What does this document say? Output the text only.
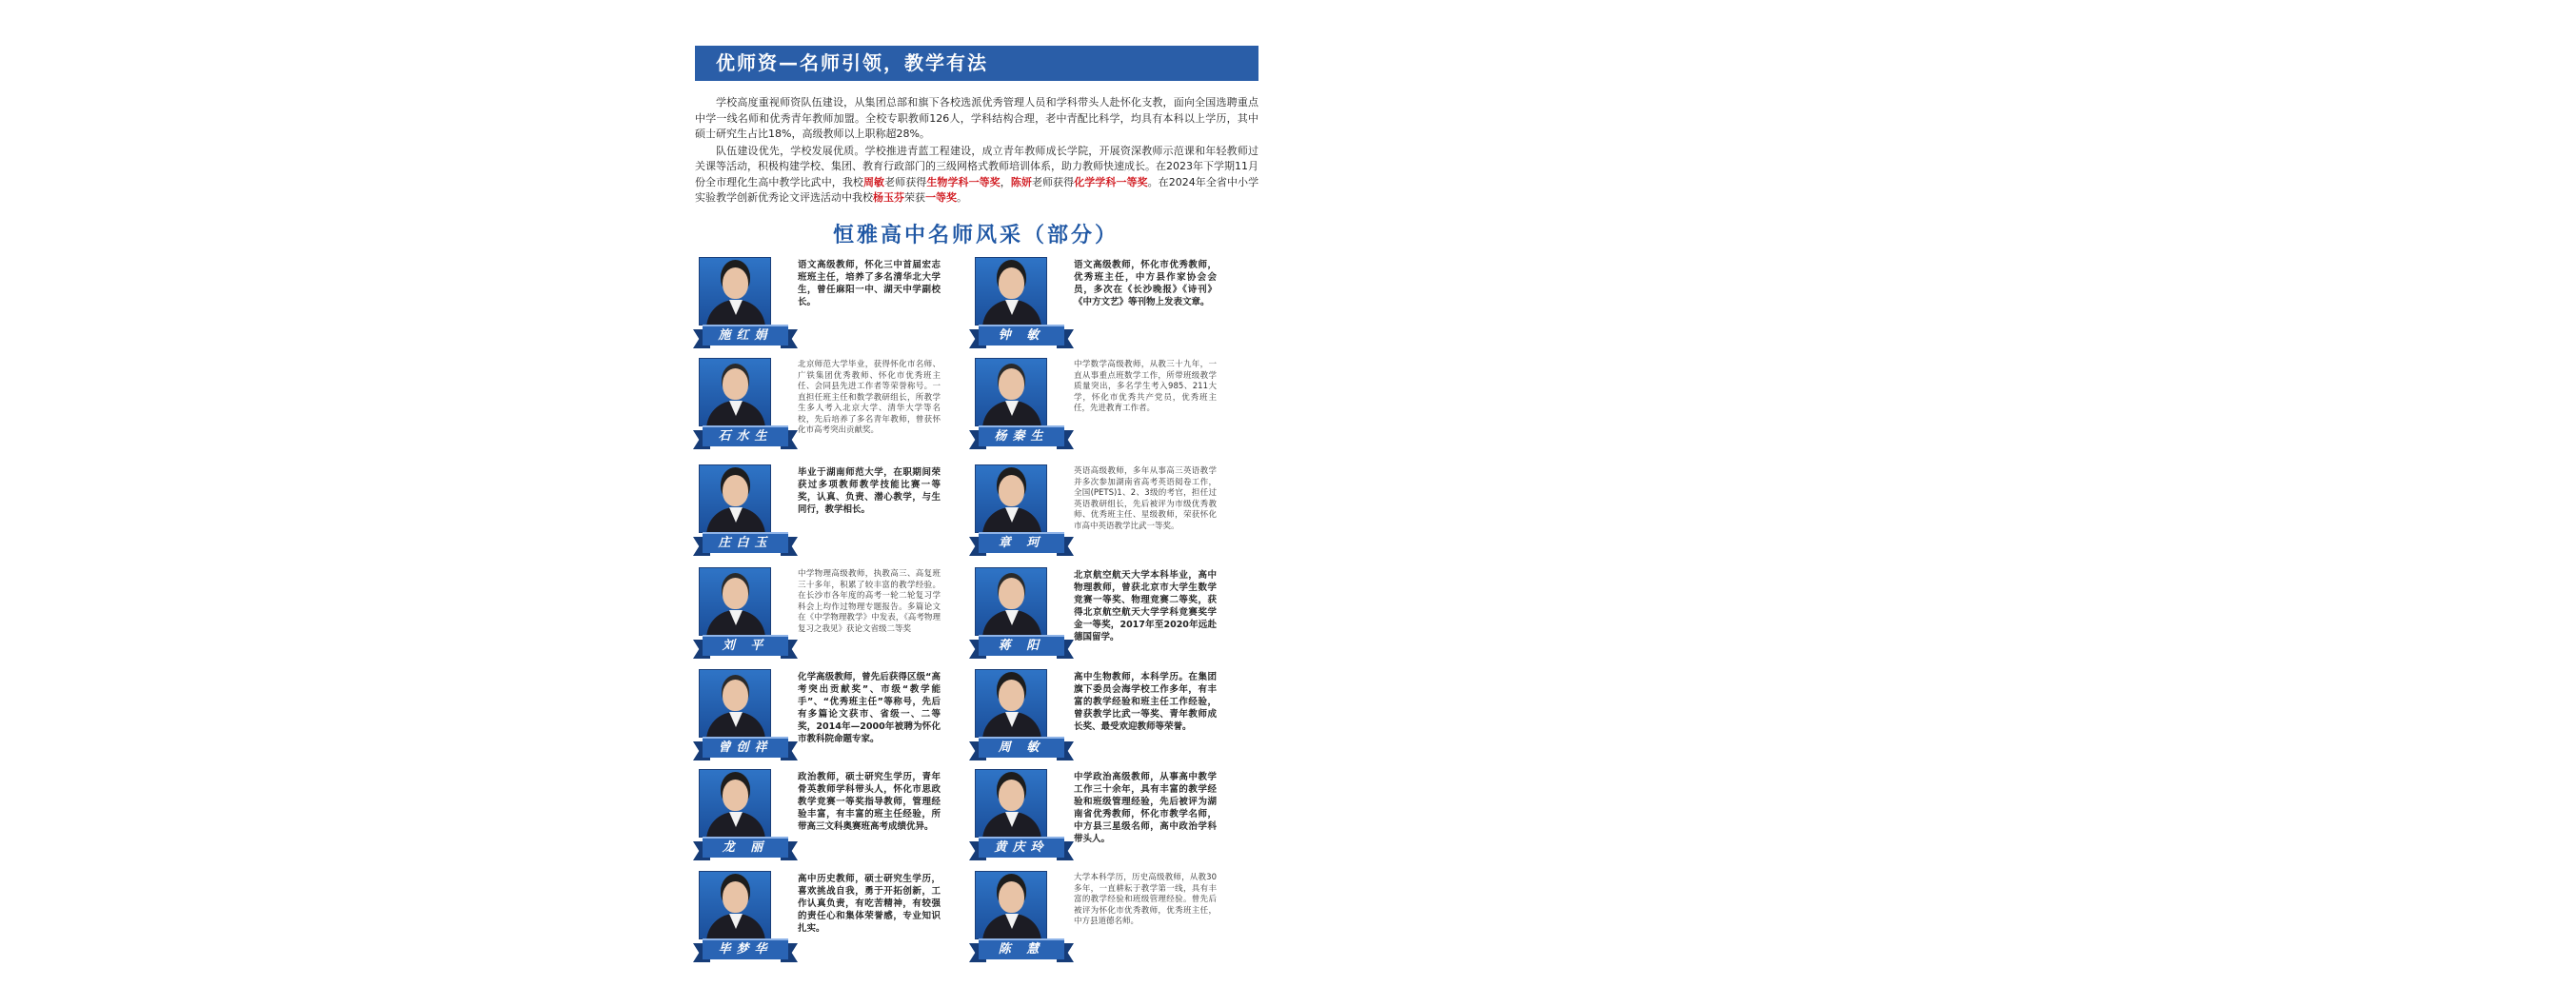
优师资—名师引领，教学有法

学校高度重视师资队伍建设，从集团总部和旗下各校选派优秀管理人员和学科带头人赴怀化支教，面向全国选聘重点中学一线名师和优秀青年教师加盟。全校专职教师126人，学科结构合理，老中青配比科学，均具有本科以上学历，其中硕士研究生占比18%，高级教师以上职称超28%。

队伍建设优先，学校发展优质。学校推进青蓝工程建设，成立青年教师成长学院，开展资深教师示范课和年轻教师过关课等活动，积极构建学校、集团、教育行政部门的三级网格式教师培训体系，助力教师快速成长。在2023年下学期11月份全市理化生高中教学比武中，我校周敏老师获得生物学科一等奖，陈妍老师获得化学学科一等奖。在2024年全省中小学实验教学创新优秀论文评选活动中我校杨玉芬荣获一等奖。

恒雅高中名师风采（部分）
施红娟
语文高级教师，怀化三中首届宏志班班主任，培养了多名清华北大学生，曾任麻阳一中、湖天中学副校长。
钟 敏
语文高级教师，怀化市优秀教师，优秀班主任，中方县作家协会会员，多次在《长沙晚报》《诗刊》《中方文艺》等刊物上发表文章。
石水生
北京师范大学毕业，获得怀化市名师、广铁集团优秀教师、怀化市优秀班主任、会同县先进工作者等荣誉称号。一直担任班主任和数学教研组长，所教学生多人考入北京大学、清华大学等名校，先后培养了多名青年教师，曾获怀化市高考突出贡献奖。	杨秦生
中学数学高级教师，从教三十九年，一直从事重点班数学工作，所带班级教学质量突出，多名学生考入985、211大学，怀化市优秀共产党员，优秀班主任，先进教育工作者。
庄白玉
毕业于湖南师范大学，在职期间荣获过多项教师教学技能比赛一等奖，认真、负责、潜心教学，与生同行，教学相长。
章 珂
英语高级教师，多年从事高三英语教学并多次参加湖南省高考英语阅卷工作，全国(PETS)1、2、3级的考官，担任过英语教研组长，先后被评为市级优秀教师、优秀班主任、星级教师，荣获怀化市高中英语教学比武一等奖。
刘 平
中学物理高级教师，执教高三、高复班三十多年，积累了较丰富的教学经验。在长沙市各年度的高考一轮二轮复习学科会上均作过物理专题报告。多篇论文在《中学物理教学》中发表，《高考物理复习之我见》获论文省级二等奖
蒋 阳
北京航空航天大学本科毕业，高中物理教师，曾获北京市大学生数学竞赛一等奖、物理竞赛二等奖，获得北京航空航天大学学科竞赛奖学金一等奖，2017年至2020年远赴德国留学。
曾创祥
化学高级教师，曾先后获得区级“高考突出贡献奖”、市级“教学能手”、“优秀班主任”等称号，先后有多篇论文获市、省级一、二等奖，2014年—2000年被聘为怀化市教科院命题专家。
周 敏
高中生物教师，本科学历。在集团旗下委员会海学校工作多年，有丰富的教学经验和班主任工作经验，曾获教学比武一等奖、青年教师成长奖、最受欢迎教师等荣誉。
龙 丽
政治教师，硕士研究生学历，青年骨英教师学科带头人，怀化市思政教学竞赛一等奖指导教师，管理经验丰富，有丰富的班主任经验，所带高三文科奥赛班高考成绩优异。
黄庆玲
中学政治高级教师，从事高中教学工作三十余年，具有丰富的教学经验和班级管理经验，先后被评为湖南省优秀教师，怀化市教学名师，中方县三星级名师，高中政治学科带头人。
毕梦华
高中历史教师，硕士研究生学历，喜欢挑战自我，勇于开拓创新，工作认真负责，有吃苦精神，有较强的责任心和集体荣誉感，专业知识扎实。
陈 慧
大学本科学历，历史高级教师，从教30多年，一直耕耘于教学第一线，具有丰富的教学经验和班级管理经验。曾先后被评为怀化市优秀教师，优秀班主任，中方县道德名师。
